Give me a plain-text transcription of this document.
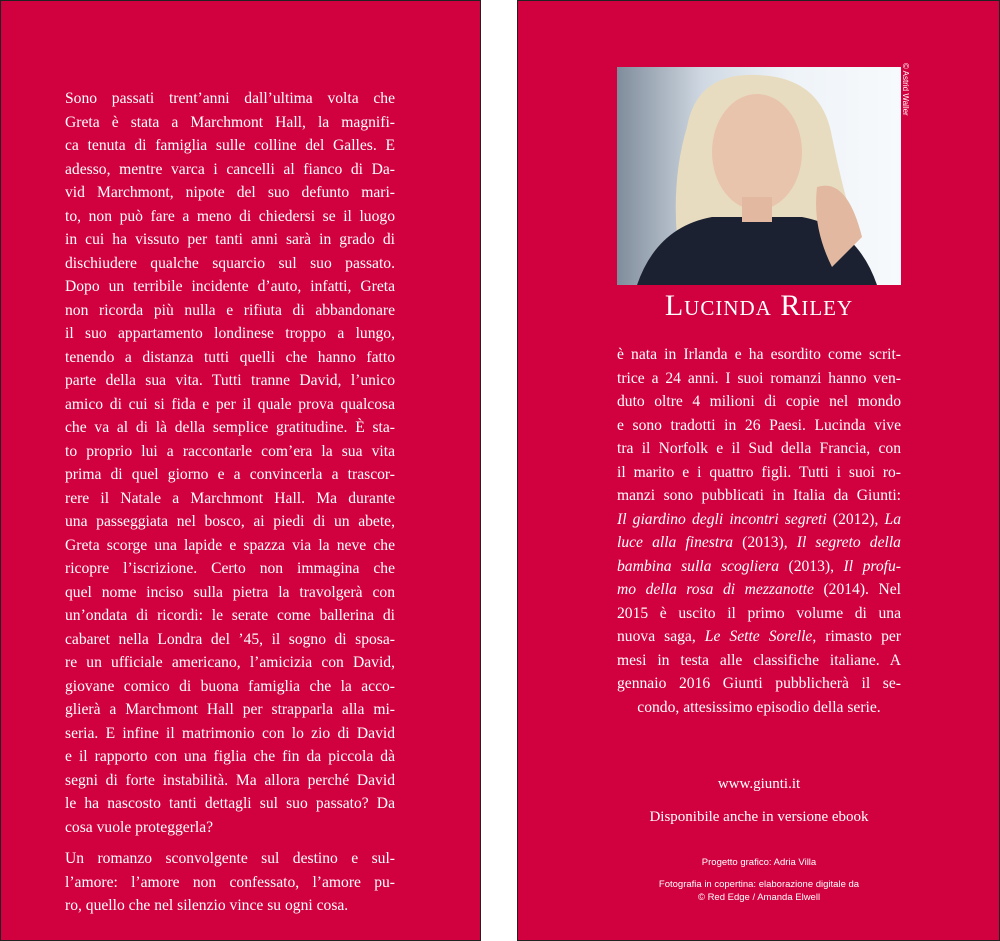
Sono passati trent’anni dall’ultima volta che
Greta è stata a Marchmont Hall, la magnifi-
ca tenuta di famiglia sulle colline del Galles. E
adesso, mentre varca i cancelli al fianco di Da-
vid Marchmont, nipote del suo defunto mari-
to, non può fare a meno di chiedersi se il luogo
in cui ha vissuto per tanti anni sarà in grado di
dischiudere qualche squarcio sul suo passato.
Dopo un terribile incidente d’auto, infatti, Greta
non ricorda più nulla e rifiuta di abbandonare
il suo appartamento londinese troppo a lungo,
tenendo a distanza tutti quelli che hanno fatto
parte della sua vita. Tutti tranne David, l’unico
amico di cui si fida e per il quale prova qualcosa
che va al di là della semplice gratitudine. È sta-
to proprio lui a raccontarle com’era la sua vita
prima di quel giorno e a convincerla a trascor-
rere il Natale a Marchmont Hall. Ma durante
una passeggiata nel bosco, ai piedi di un abete,
Greta scorge una lapide e spazza via la neve che
ricopre l’iscrizione. Certo non immagina che
quel nome inciso sulla pietra la travolgerà con
un’ondata di ricordi: le serate come ballerina di
cabaret nella Londra del ’45, il sogno di sposa-
re un ufficiale americano, l’amicizia con David,
giovane comico di buona famiglia che la acco-
glierà a Marchmont Hall per strapparla alla mi-
seria. E infine il matrimonio con lo zio di David
e il rapporto con una figlia che fin da piccola dà
segni di forte instabilità. Ma allora perché David
le ha nascosto tanti dettagli sul suo passato? Da
cosa vuole proteggerla?
Un romanzo sconvolgente sul destino e sul-
l’amore: l’amore non confessato, l’amore pu-
ro, quello che nel silenzio vince su ogni cosa.
© Astrid Waller
Lucinda Riley
è nata in Irlanda e ha esordito come scrit-
trice a 24 anni. I suoi romanzi hanno ven-
duto oltre 4 milioni di copie nel mondo
e sono tradotti in 26 Paesi. Lucinda vive
tra il Norfolk e il Sud della Francia, con
il marito e i quattro figli. Tutti i suoi ro-
manzi sono pubblicati in Italia da Giunti:
Il giardino degli incontri segreti (2012), La
luce alla finestra (2013), Il segreto della
bambina sulla scogliera (2013), Il profu-
mo della rosa di mezzanotte (2014). Nel
2015 è uscito il primo volume di una
nuova saga, Le Sette Sorelle, rimasto per
mesi in testa alle classifiche italiane. A
gennaio 2016 Giunti pubblicherà il se-
condo, attesissimo episodio della serie.
www.giunti.it
Disponibile anche in versione ebook
Progetto grafico: Adria Villa
Fotografia in copertina: elaborazione digitale da
© Red Edge / Amanda Elwell
